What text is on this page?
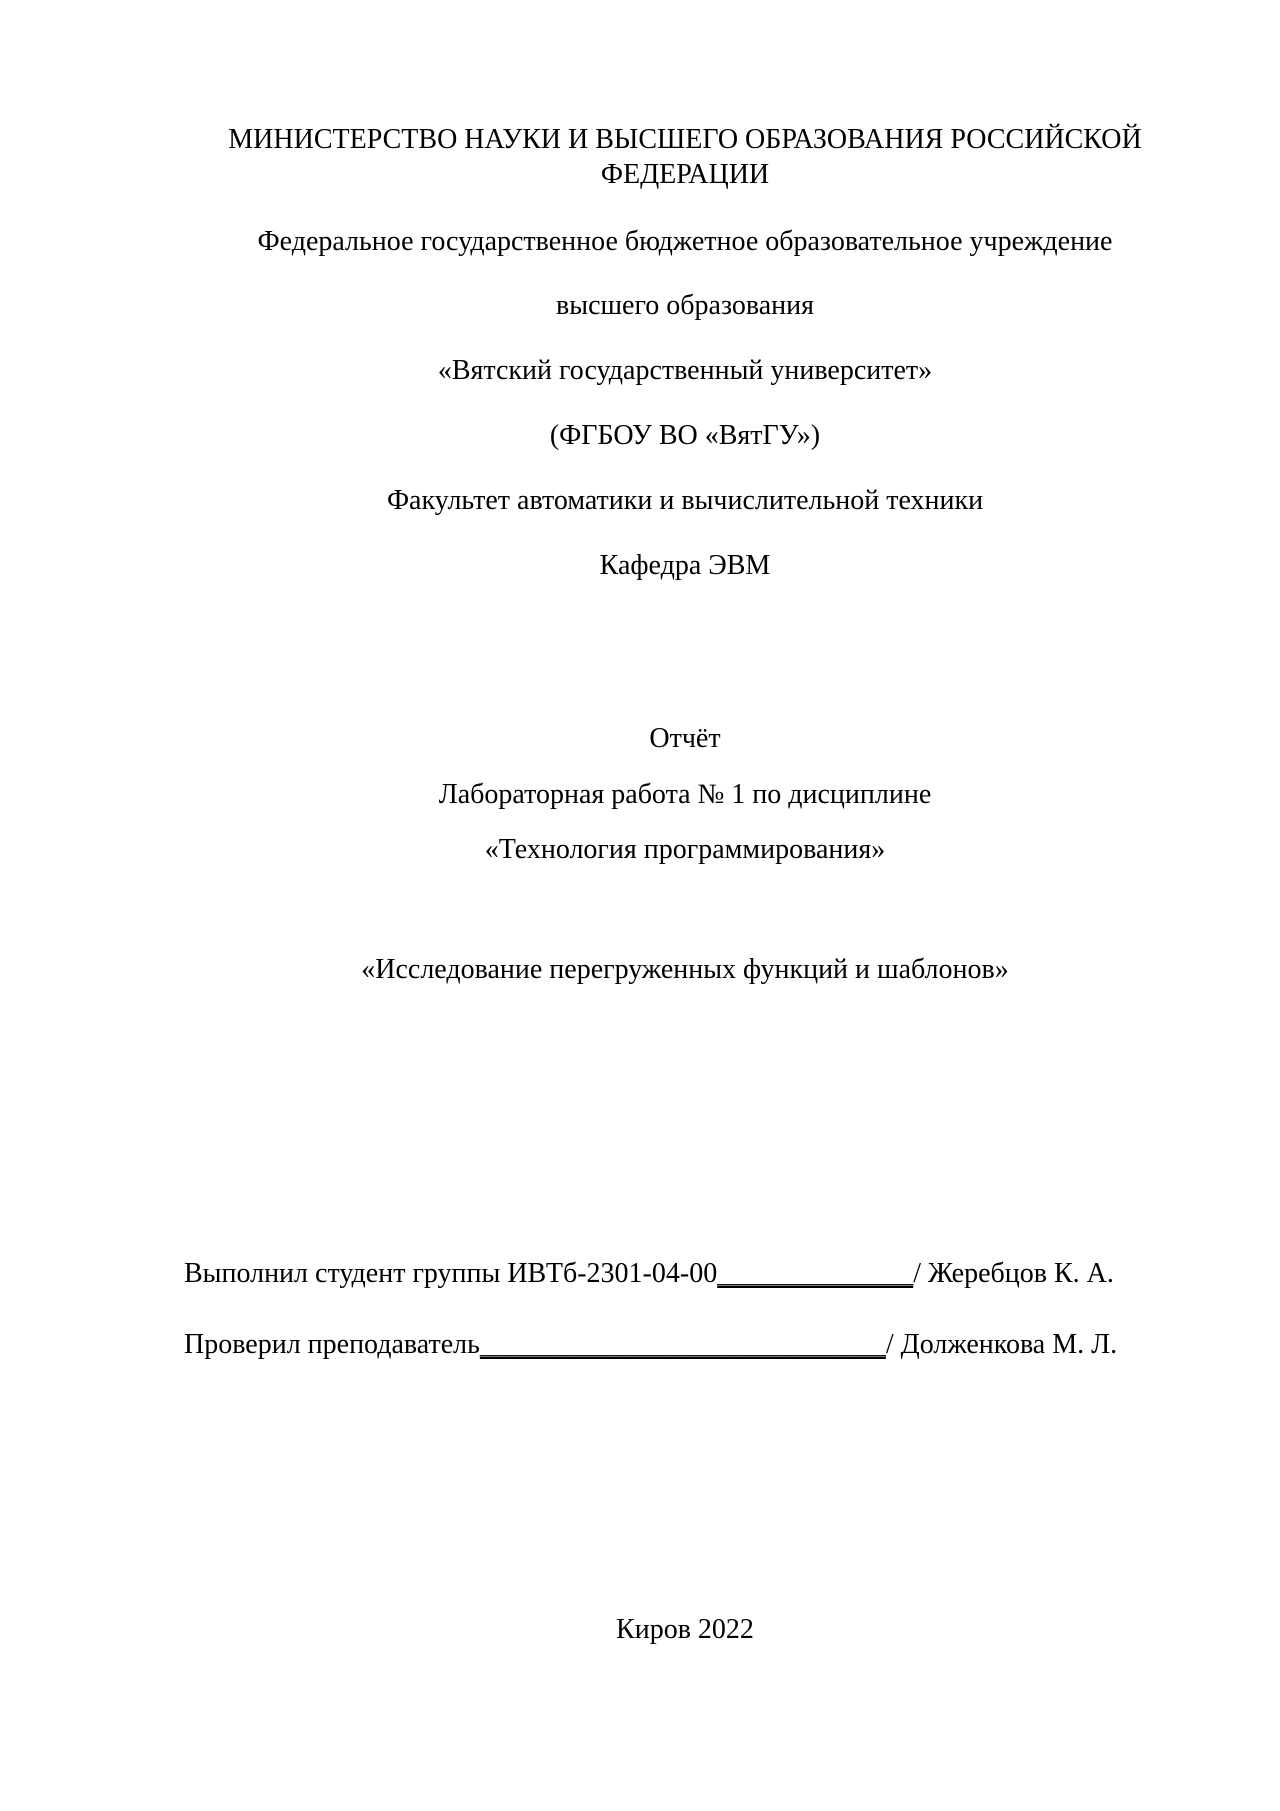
МИНИСТЕРСТВО НАУКИ И ВЫСШЕГО ОБРАЗОВАНИЯ РОССИЙСКОЙ ФЕДЕРАЦИИ
Федеральное государственное бюджетное образовательное учреждение
высшего образования
«Вятский государственный университет»
(ФГБОУ ВО «ВятГУ»)
Факультет автоматики и вычислительной техники
Кафедра ЭВМ
Отчёт
Лабораторная работа № 1 по дисциплине
«Технология программирования»
«Исследование перегруженных функций и шаблонов»
Выполнил студент группы ИВТб-2301-04-00______________/ Жеребцов К. А.
Проверил преподаватель_____________________________/ Долженкова М. Л.
Киров 2022
